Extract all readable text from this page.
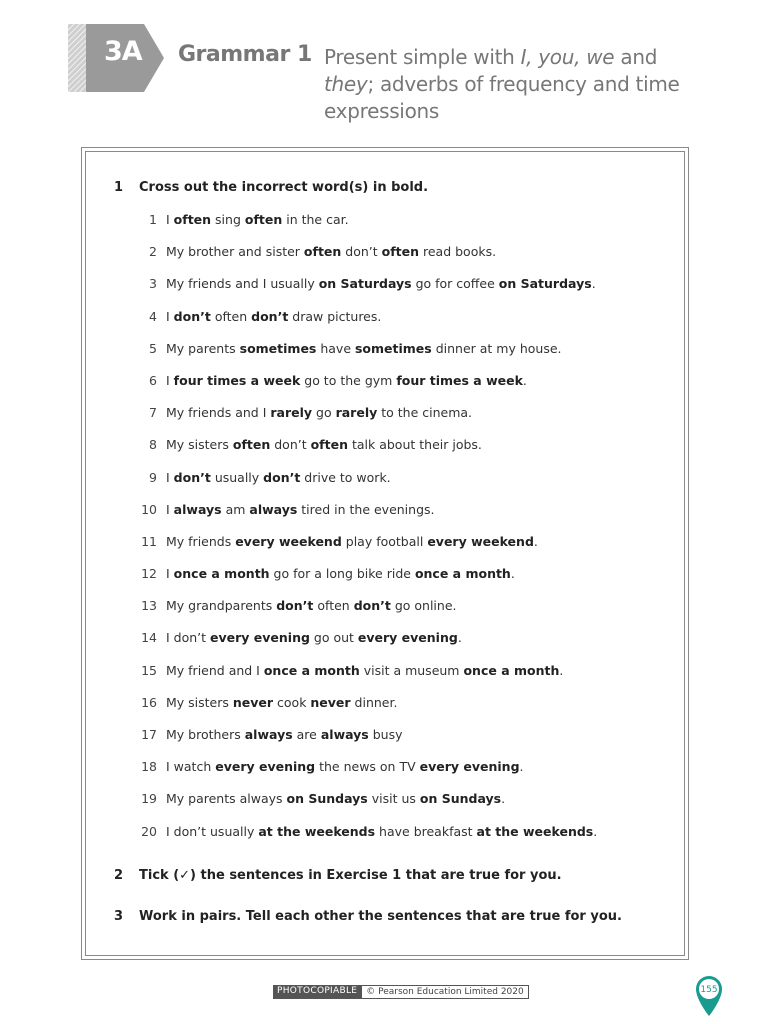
3A Grammar 1 Present simple with I, you, we and they; adverbs of frequency and time expressions
1 Cross out the incorrect word(s) in bold.
1 I often sing often in the car.
2 My brother and sister often don’t often read books.
3 My friends and I usually on Saturdays go for coffee on Saturdays.
4 I don’t often don’t draw pictures.
5 My parents sometimes have sometimes dinner at my house.
6 I four times a week go to the gym four times a week.
7 My friends and I rarely go rarely to the cinema.
8 My sisters often don’t often talk about their jobs.
9 I don’t usually don’t drive to work.
10 I always am always tired in the evenings.
11 My friends every weekend play football every weekend.
12 I once a month go for a long bike ride once a month.
13 My grandparents don’t often don’t go online.
14 I don’t every evening go out every evening.
15 My friend and I once a month visit a museum once a month.
16 My sisters never cook never dinner.
17 My brothers always are always busy
18 I watch every evening the news on TV every evening.
19 My parents always on Sundays visit us on Sundays.
20 I don’t usually at the weekends have breakfast at the weekends.
2 Tick (✓) the sentences in Exercise 1 that are true for you.
3 Work in pairs. Tell each other the sentences that are true for you.
PHOTOCOPIABLE	© Pearson Education Limited 2020	155
